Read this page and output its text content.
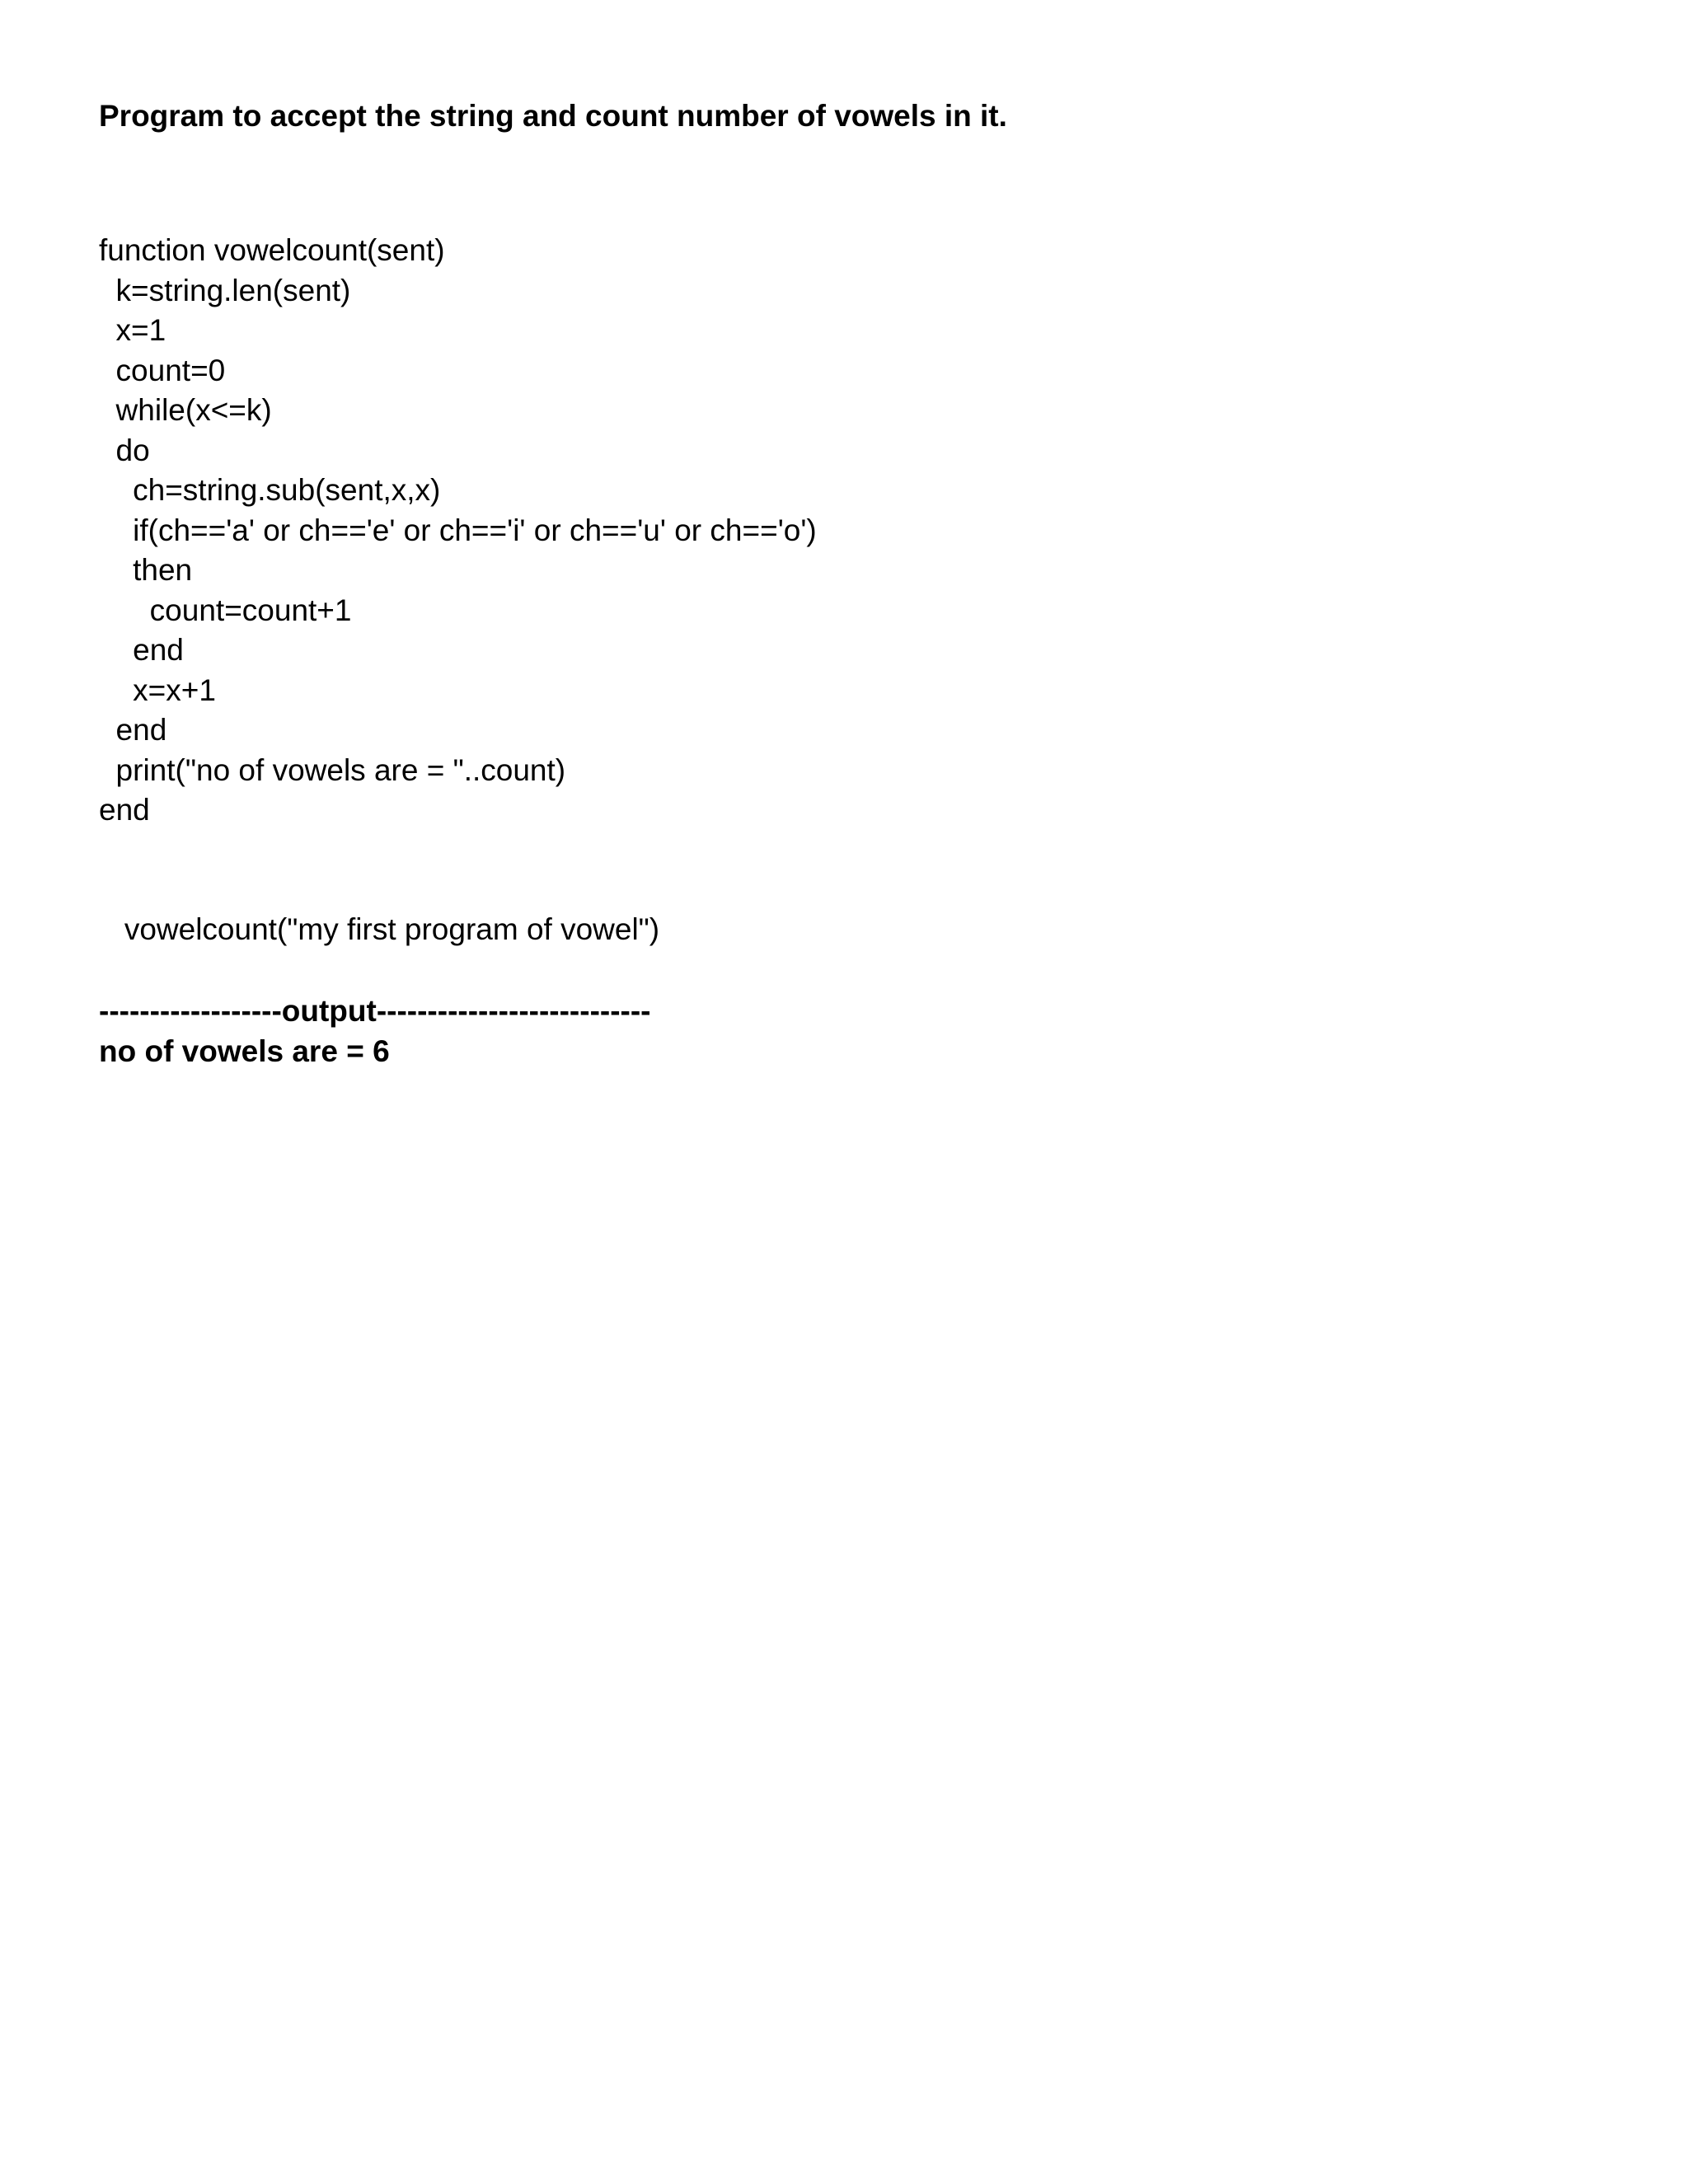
Program to accept the string and count number of vowels in it.
function vowelcount(sent)
k=string.len(sent)
x=1
count=0
while(x<=k)
do
ch=string.sub(sent,x,x)
if(ch=='a' or ch=='e' or ch=='i' or ch=='u' or ch=='o')
then
count=count+1
end
x=x+1
end
print("no of vowels are = "..count)
end
vowelcount("my first program of vowel")
------------------output---------------------------
no of vowels are = 6
